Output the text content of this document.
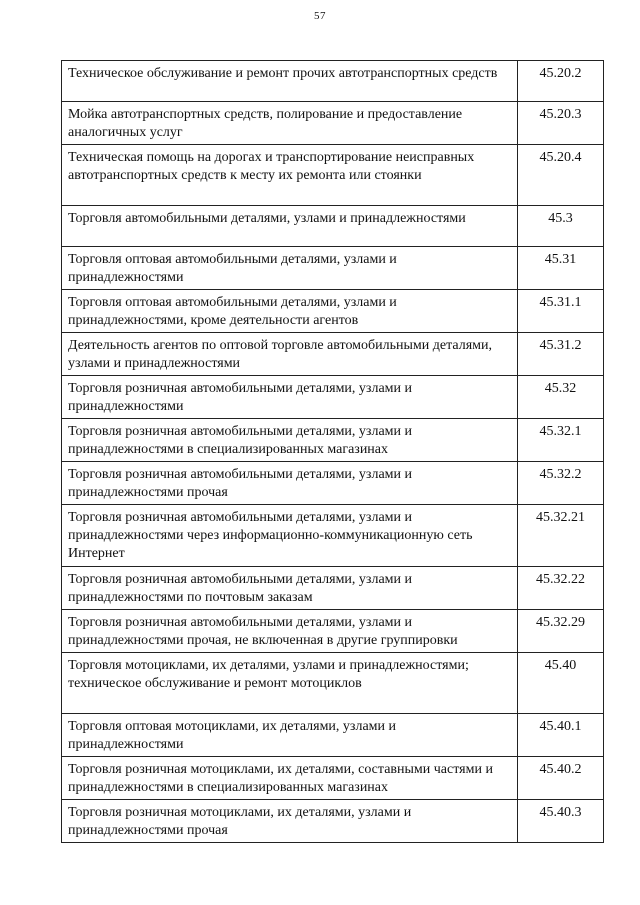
57
Техническое обслуживание и ремонт прочих автотранспортных средств	45.20.2
Мойка автотранспортных средств, полирование и предоставление аналогичных услуг	45.20.3
Техническая помощь на дорогах и транспортирование неисправных автотранспортных средств к месту их ремонта или стоянки	45.20.4
Торговля автомобильными деталями, узлами и принадлежностями	45.3
Торговля оптовая автомобильными деталями, узлами и принадлежностями	45.31
Торговля оптовая автомобильными деталями, узлами и принадлежностями, кроме деятельности агентов	45.31.1
Деятельность агентов по оптовой торговле автомобильными деталями, узлами и принадлежностями	45.31.2
Торговля розничная автомобильными деталями, узлами и принадлежностями	45.32
Торговля розничная автомобильными деталями, узлами и принадлежностями в специализированных магазинах	45.32.1
Торговля розничная автомобильными деталями, узлами и принадлежностями прочая	45.32.2
Торговля розничная автомобильными деталями, узлами и принадлежностями через информационно-коммуникационную сеть Интернет	45.32.21
Торговля розничная автомобильными деталями, узлами и принадлежностями по почтовым заказам	45.32.22
Торговля розничная автомобильными деталями, узлами и принадлежностями прочая, не включенная в другие группировки	45.32.29
Торговля мотоциклами, их деталями, узлами и принадлежностями; техническое обслуживание и ремонт мотоциклов	45.40
Торговля оптовая мотоциклами, их деталями, узлами и принадлежностями	45.40.1
Торговля розничная мотоциклами, их деталями, составными частями и принадлежностями в специализированных магазинах	45.40.2
Торговля розничная мотоциклами, их деталями, узлами и принадлежностями прочая	45.40.3
